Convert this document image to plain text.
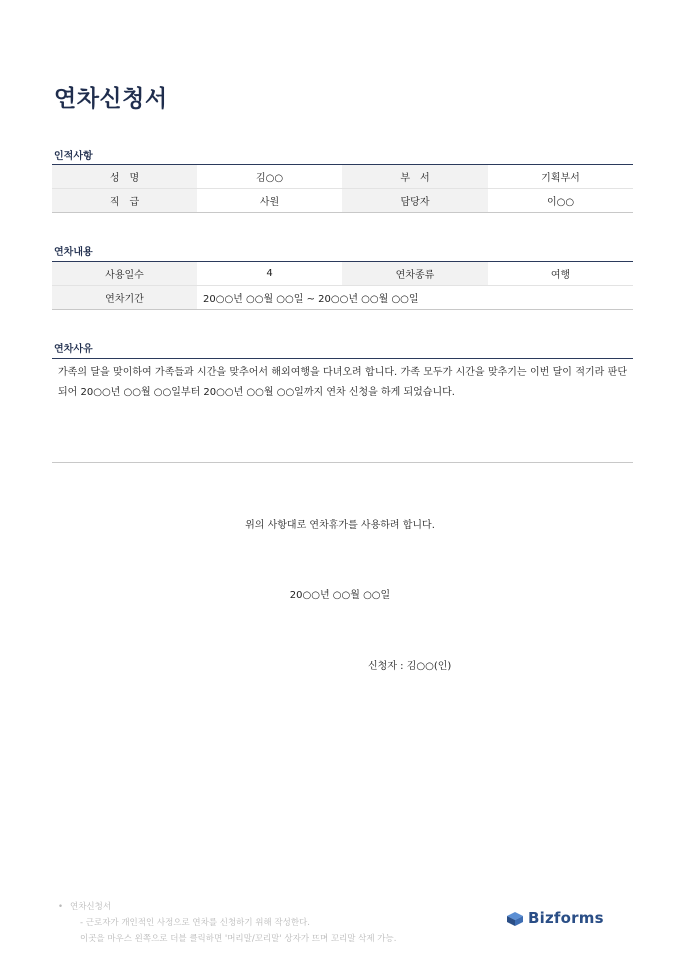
연차신청서
인적사항
성　명	김○○	부　서	기획부서
직　급	사원	담당자	이○○
연차내용
사용일수	4	연차종류	여행
연차기간	20○○년 ○○월 ○○일 ~ 20○○년 ○○월 ○○일		
연차사유
가족의 달을 맞이하여 가족들과 시간을 맞추어서 해외여행을 다녀오려 합니다. 가족 모두가 시간을 맞추기는 이번 달이 적기라 판단되어 20○○년 ○○월 ○○일부터 20○○년 ○○월 ○○일까지 연차 신청을 하게 되었습니다.
위의 사항대로 연차휴가를 사용하려 합니다.
20○○년 ○○월 ○○일
신청자 : 김○○(인)
• 연차신청서
- 근로자가 개인적인 사정으로 연차를 신청하기 위해 작성한다.
이곳을 마우스 왼쪽으로 더블 클릭하면 '머리말/꼬리말' 상자가 뜨며 꼬리말 삭제 가능.
Bizforms
